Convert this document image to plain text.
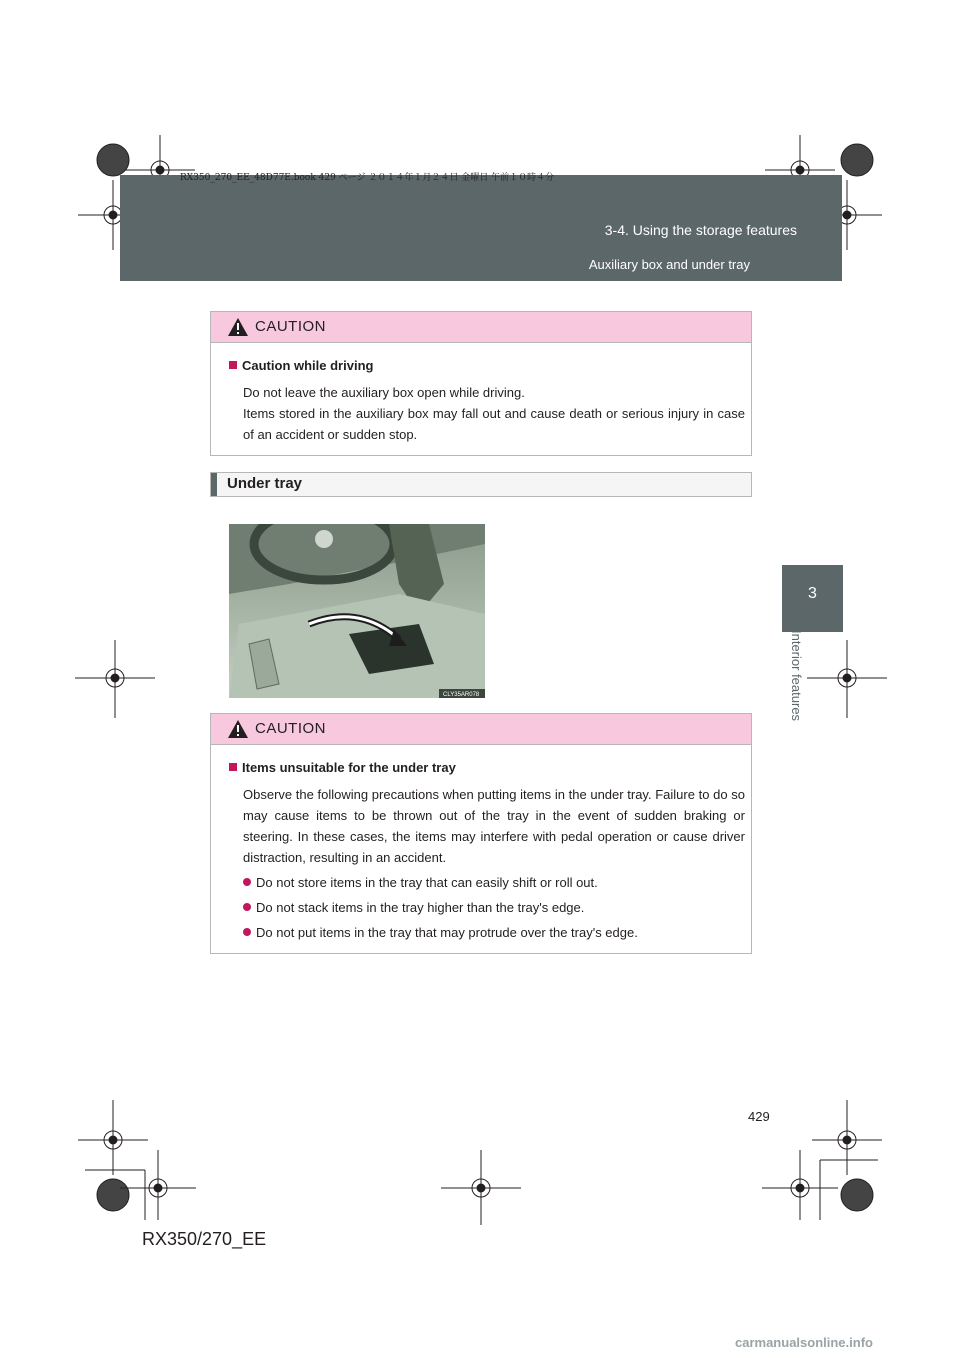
RX350_270_EE_48D77E.book 429 ページ ２０１４年１月２４日 金曜日 午前１０時４分
3-4. Using the storage features
Auxiliary box and under tray
3
Interior features
CAUTION
Caution while driving
Do not leave the auxiliary box open while driving.
Items stored in the auxiliary box may fall out and cause death or serious injury in case of an accident or sudden stop.
Under tray
CLY35AR078
CAUTION
Items unsuitable for the under tray
Observe the following precautions when putting items in the under tray. Failure to do so may cause items to be thrown out of the tray in the event of sudden braking or steering. In these cases, the items may interfere with pedal operation or cause driver distraction, resulting in an accident.
Do not store items in the tray that can easily shift or roll out.
Do not stack items in the tray higher than the tray's edge.
Do not put items in the tray that may protrude over the tray's edge.
429
RX350/270_EE
carmanualsonline.info
